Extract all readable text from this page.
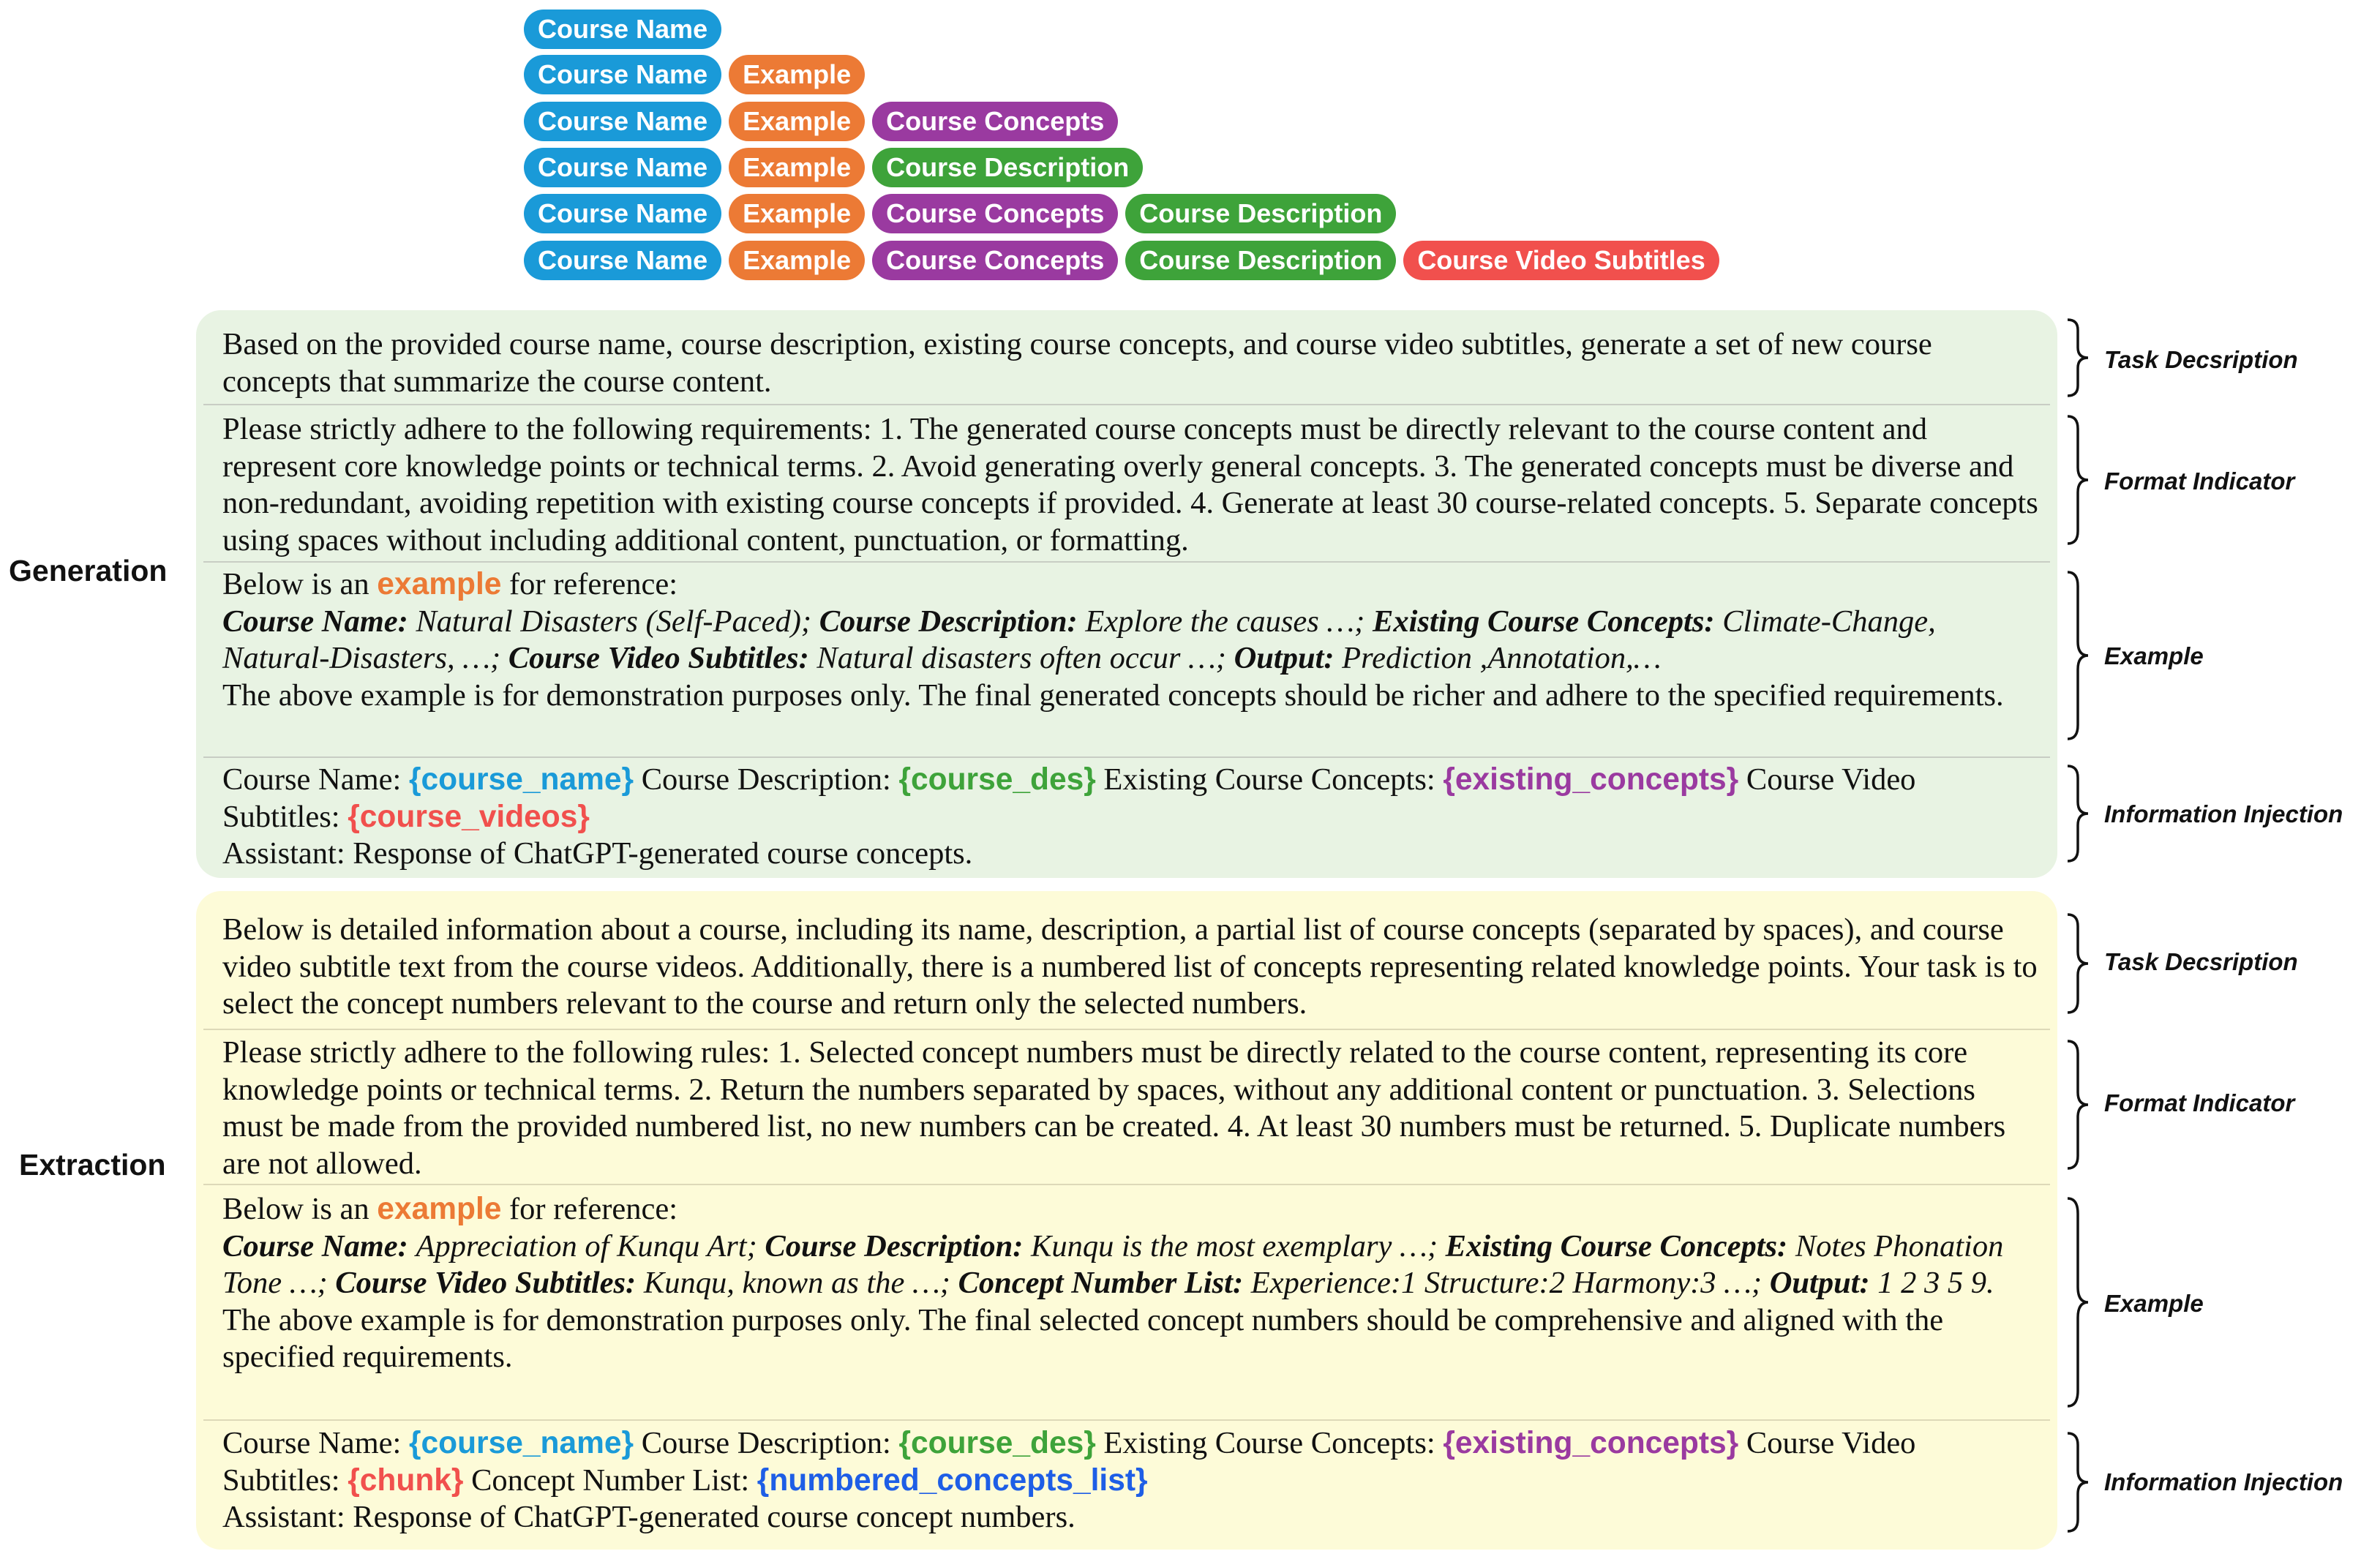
Course Name
Course Name	Example
Course Name	Example	Course Concepts
Course Name	Example	Course Description
Course Name	Example	Course Concepts	Course Description
Course Name	Example	Course Concepts	Course Description	Course Video Subtitles
Generation
Based on the provided course name, course description, existing course concepts, and course video subtitles, generate a set of new course concepts that summarize the course content.
Please strictly adhere to the following requirements: 1. The generated course concepts must be directly relevant to the course content and represent core knowledge points or technical terms. 2. Avoid generating overly general concepts. 3. The generated concepts must be diverse and non-redundant, avoiding repetition with existing course concepts if provided. 4. Generate at least 30 course-related concepts. 5. Separate concepts using spaces without including additional content, punctuation, or formatting.
Below is an example for reference:
Course Name: Natural Disasters (Self-Paced); Course Description: Explore the causes …; Existing Course Concepts: Climate-Change, Natural-Disasters, …; Course Video Subtitles: Natural disasters often occur …; Output: Prediction ,Annotation,…
The above example is for demonstration purposes only. The final generated concepts should be richer and adhere to the specified requirements.
Course Name: {course_name} Course Description: {course_des} Existing Course Concepts: {existing_concepts} Course Video Subtitles: {course_videos}
Assistant: Response of ChatGPT-generated course concepts.
Task Decsription
Format Indicator
Example
Information Injection
Extraction
Below is detailed information about a course, including its name, description, a partial list of course concepts (separated by spaces), and course video subtitle text from the course videos. Additionally, there is a numbered list of concepts representing related knowledge points. Your task is to select the concept numbers relevant to the course and return only the selected numbers.
Please strictly adhere to the following rules: 1. Selected concept numbers must be directly related to the course content, representing its core knowledge points or technical terms. 2. Return the numbers separated by spaces, without any additional content or punctuation. 3. Selections must be made from the provided numbered list, no new numbers can be created. 4. At least 30 numbers must be returned. 5. Duplicate numbers are not allowed.
Below is an example for reference:
Course Name: Appreciation of Kunqu Art; Course Description: Kunqu is the most exemplary …; Existing Course Concepts: Notes Phonation Tone …; Course Video Subtitles: Kunqu, known as the …; Concept Number List: Experience:1 Structure:2 Harmony:3 …; Output: 1 2 3 5 9.
The above example is for demonstration purposes only. The final selected concept numbers should be comprehensive and aligned with the specified requirements.
Course Name: {course_name} Course Description: {course_des} Existing Course Concepts: {existing_concepts} Course Video Subtitles: {chunk} Concept Number List: {numbered_concepts_list}
Assistant: Response of ChatGPT-generated course concept numbers.
Task Decsription
Format Indicator
Example
Information Injection
